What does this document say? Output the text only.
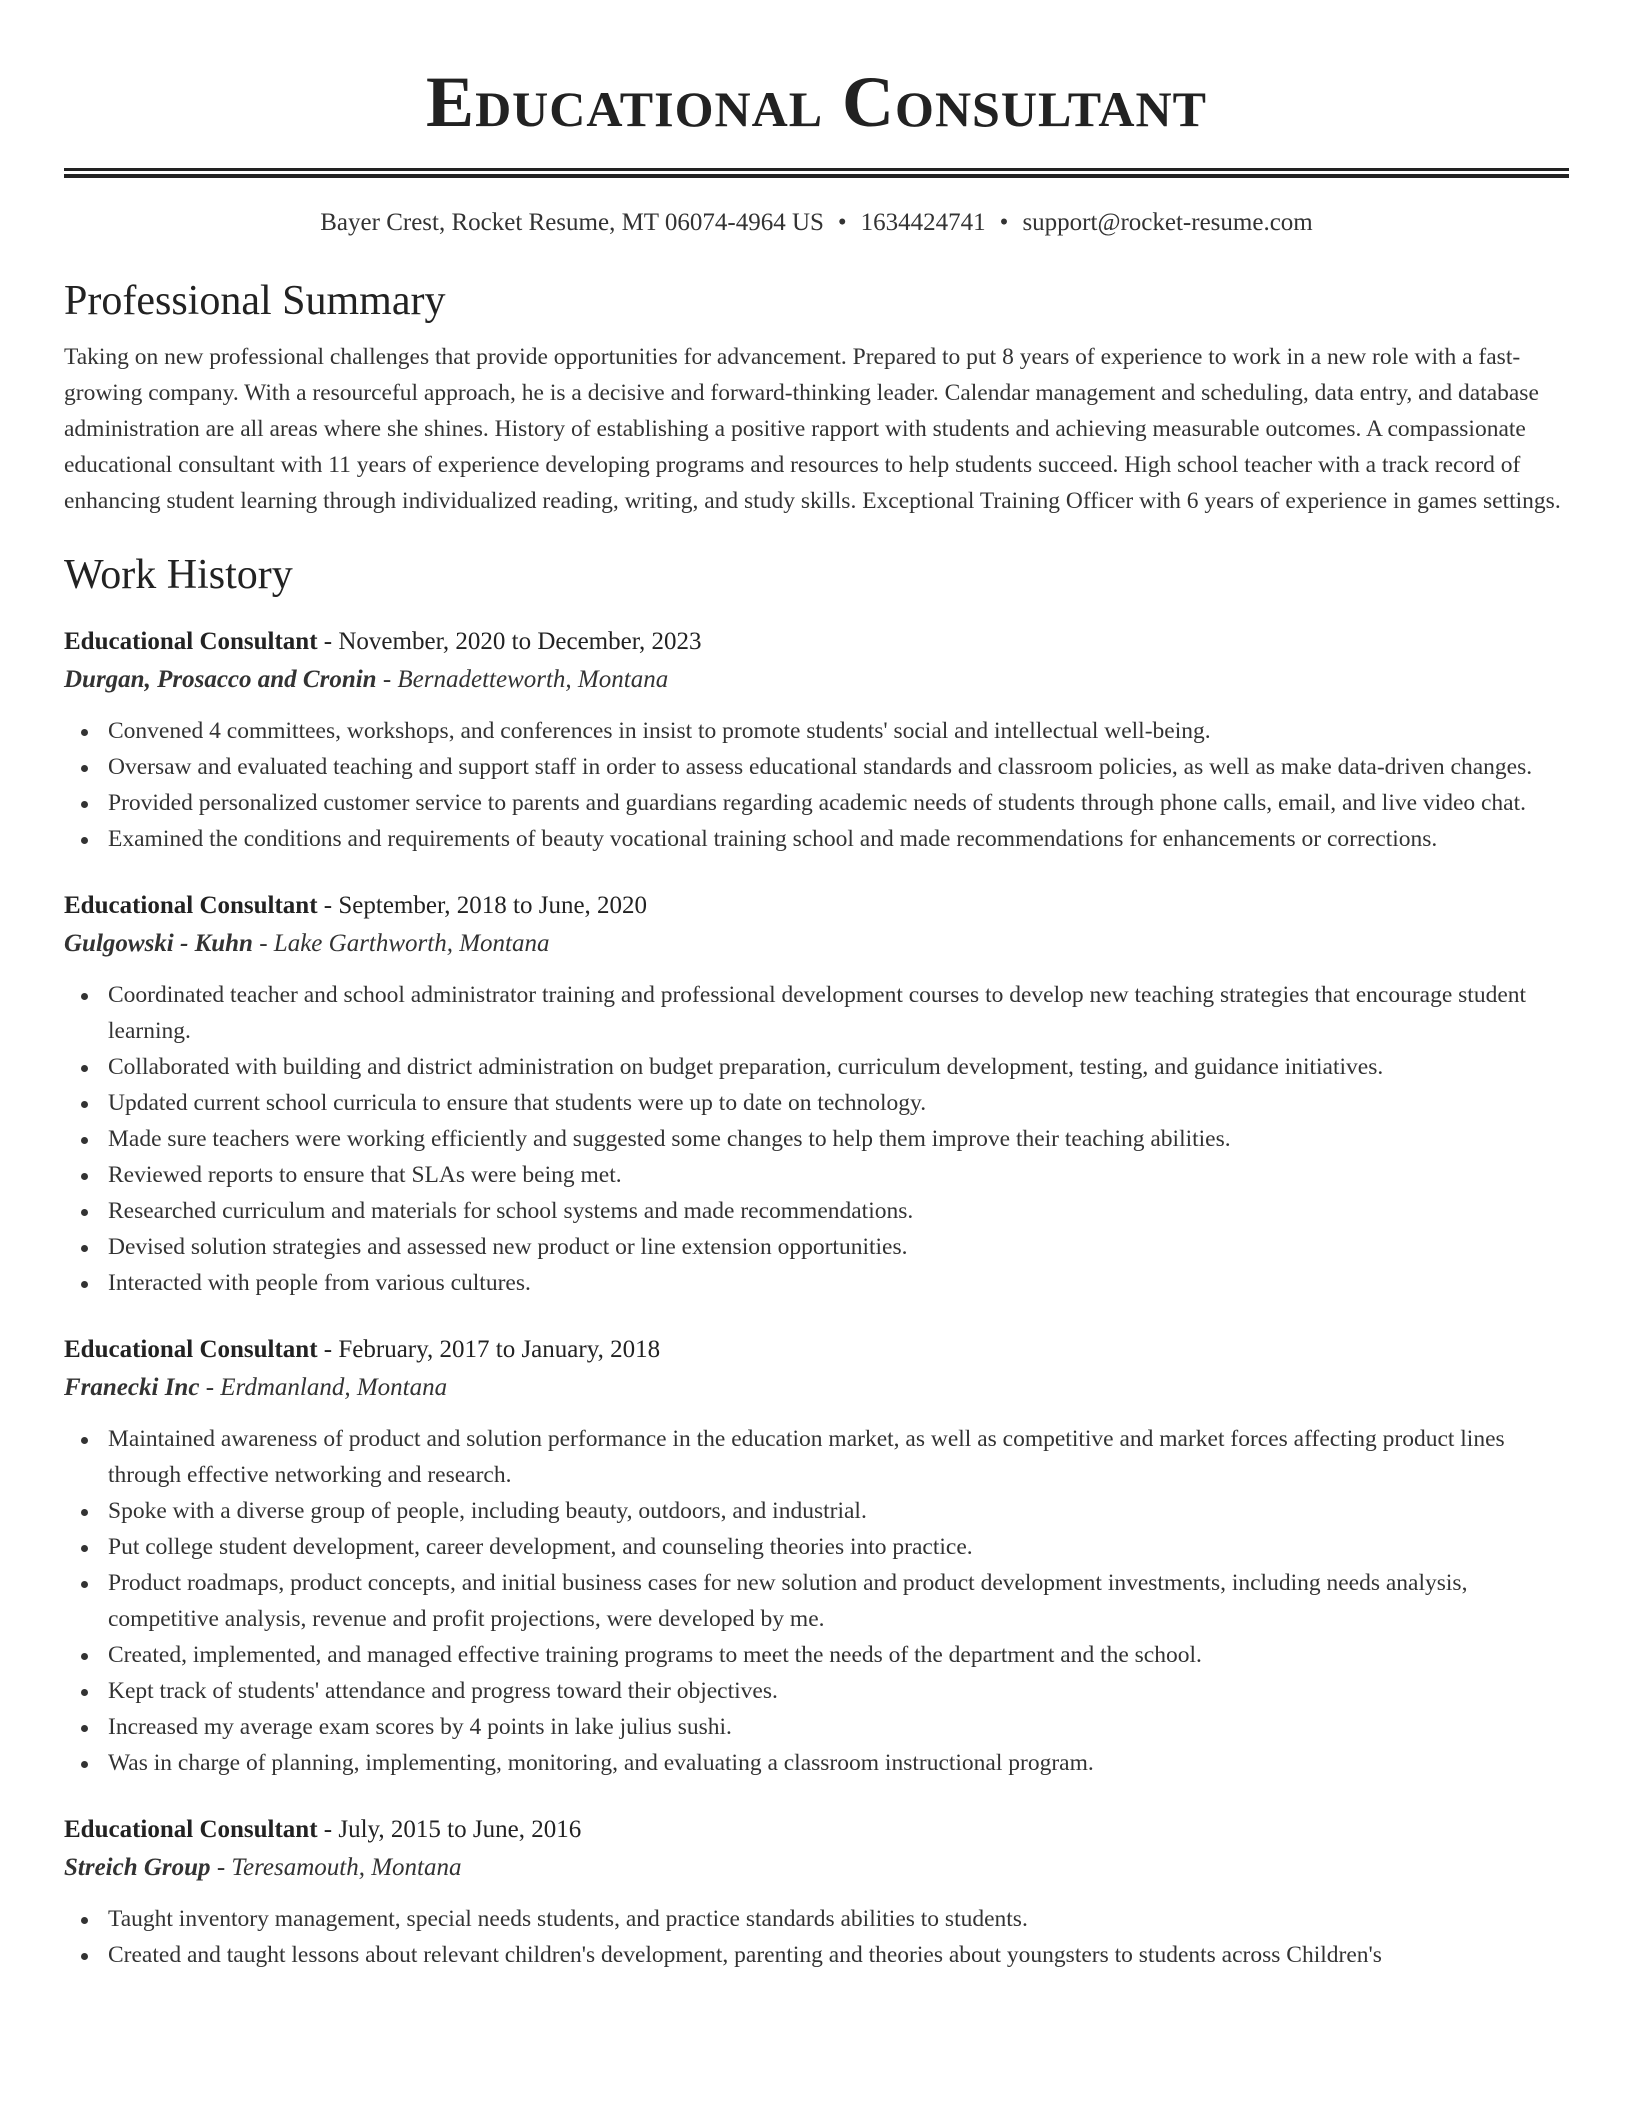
Educational Consultant
Bayer Crest, Rocket Resume, MT 06074-4964 US • 1634424741 • support@rocket-resume.com
Professional Summary

Taking on new professional challenges that provide opportunities for advancement. Prepared to put 8 years of experience to work in a new role with a fast-growing company. With a resourceful approach, he is a decisive and forward-thinking leader. Calendar management and scheduling, data entry, and database administration are all areas where she shines. History of establishing a positive rapport with students and achieving measurable outcomes. A compassionate educational consultant with 11 years of experience developing programs and resources to help students succeed. High school teacher with a track record of enhancing student learning through individualized reading, writing, and study skills. Exceptional Training Officer with 6 years of experience in games settings.

Work History
Educational Consultant - November, 2020 to December, 2023
Durgan, Prosacco and Cronin - Bernadetteworth, Montana
Convened 4 committees, workshops, and conferences in insist to promote students' social and intellectual well-being.
Oversaw and evaluated teaching and support staff in order to assess educational standards and classroom policies, as well as make data-driven changes.
Provided personalized customer service to parents and guardians regarding academic needs of students through phone calls, email, and live video chat.
Examined the conditions and requirements of beauty vocational training school and made recommendations for enhancements or corrections.
Educational Consultant - September, 2018 to June, 2020
Gulgowski - Kuhn - Lake Garthworth, Montana
Coordinated teacher and school administrator training and professional development courses to develop new teaching strategies that encourage student learning.
Collaborated with building and district administration on budget preparation, curriculum development, testing, and guidance initiatives.
Updated current school curricula to ensure that students were up to date on technology.
Made sure teachers were working efficiently and suggested some changes to help them improve their teaching abilities.
Reviewed reports to ensure that SLAs were being met.
Researched curriculum and materials for school systems and made recommendations.
Devised solution strategies and assessed new product or line extension opportunities.
Interacted with people from various cultures.
Educational Consultant - February, 2017 to January, 2018
Franecki Inc - Erdmanland, Montana
Maintained awareness of product and solution performance in the education market, as well as competitive and market forces affecting product lines through effective networking and research.
Spoke with a diverse group of people, including beauty, outdoors, and industrial.
Put college student development, career development, and counseling theories into practice.
Product roadmaps, product concepts, and initial business cases for new solution and product development investments, including needs analysis, competitive analysis, revenue and profit projections, were developed by me.
Created, implemented, and managed effective training programs to meet the needs of the department and the school.
Kept track of students' attendance and progress toward their objectives.
Increased my average exam scores by 4 points in lake julius sushi.
Was in charge of planning, implementing, monitoring, and evaluating a classroom instructional program.
Educational Consultant - July, 2015 to June, 2016
Streich Group - Teresamouth, Montana
Taught inventory management, special needs students, and practice standards abilities to students.
Created and taught lessons about relevant children's development, parenting and theories about youngsters to students across Children's
